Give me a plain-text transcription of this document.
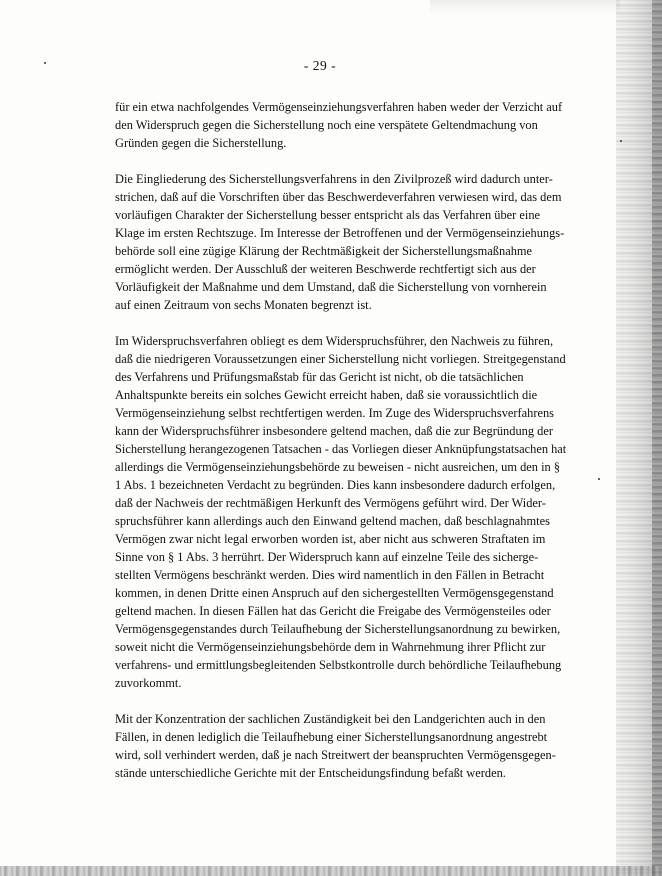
- 29 -

für ein etwa nachfolgendes Vermögenseinziehungsverfahren haben weder der Verzicht auf
den Widerspruch gegen die Sicherstellung noch eine verspätete Geltendmachung von
Gründen gegen die Sicherstellung.

Die Eingliederung des Sicherstellungsverfahrens in den Zivilprozeß wird dadurch unter-
strichen, daß auf die Vorschriften über das Beschwerdeverfahren verwiesen wird, das dem
vorläufigen Charakter der Sicherstellung besser entspricht als das Verfahren über eine
Klage im ersten Rechtszuge. Im Interesse der Betroffenen und der Vermögenseinziehungs-
behörde soll eine zügige Klärung der Rechtmäßigkeit der Sicherstellungsmaßnahme
ermöglicht werden. Der Ausschluß der weiteren Beschwerde rechtfertigt sich aus der
Vorläufigkeit der Maßnahme und dem Umstand, daß die Sicherstellung von vornherein
auf einen Zeitraum von sechs Monaten begrenzt ist.

Im Widerspruchsverfahren obliegt es dem Widerspruchsführer, den Nachweis zu führen,
daß die niedrigeren Voraussetzungen einer Sicherstellung nicht vorliegen. Streitgegenstand
des Verfahrens und Prüfungsmaßstab für das Gericht ist nicht, ob die tatsächlichen
Anhaltspunkte bereits ein solches Gewicht erreicht haben, daß sie voraussichtlich die
Vermögenseinziehung selbst rechtfertigen werden. Im Zuge des Widerspruchsverfahrens
kann der Widerspruchsführer insbesondere geltend machen, daß die zur Begründung der
Sicherstellung herangezogenen Tatsachen - das Vorliegen dieser Anknüpfungstatsachen hat
allerdings die Vermögenseinziehungsbehörde zu beweisen - nicht ausreichen, um den in §
1 Abs. 1 bezeichneten Verdacht zu begründen. Dies kann insbesondere dadurch erfolgen,
daß der Nachweis der rechtmäßigen Herkunft des Vermögens geführt wird. Der Wider-
spruchsführer kann allerdings auch den Einwand geltend machen, daß beschlagnahmtes
Vermögen zwar nicht legal erworben worden ist, aber nicht aus schweren Straftaten im
Sinne von § 1 Abs. 3 herrührt. Der Widerspruch kann auf einzelne Teile des sicherge-
stellten Vermögens beschränkt werden. Dies wird namentlich in den Fällen in Betracht
kommen, in denen Dritte einen Anspruch auf den sichergestellten Vermögensgegenstand
geltend machen. In diesen Fällen hat das Gericht die Freigabe des Vermögensteiles oder
Vermögensgegenstandes durch Teilaufhebung der Sicherstellungsanordnung zu bewirken,
soweit nicht die Vermögenseinziehungsbehörde dem in Wahrnehmung ihrer Pflicht zur
verfahrens- und ermittlungsbegleitenden Selbstkontrolle durch behördliche Teilaufhebung
zuvorkommt.

Mit der Konzentration der sachlichen Zuständigkeit bei den Landgerichten auch in den
Fällen, in denen lediglich die Teilaufhebung einer Sicherstellungsanordnung angestrebt
wird, soll verhindert werden, daß je nach Streitwert der beanspruchten Vermögensgegen-
stände unterschiedliche Gerichte mit der Entscheidungsfindung befaßt werden.
